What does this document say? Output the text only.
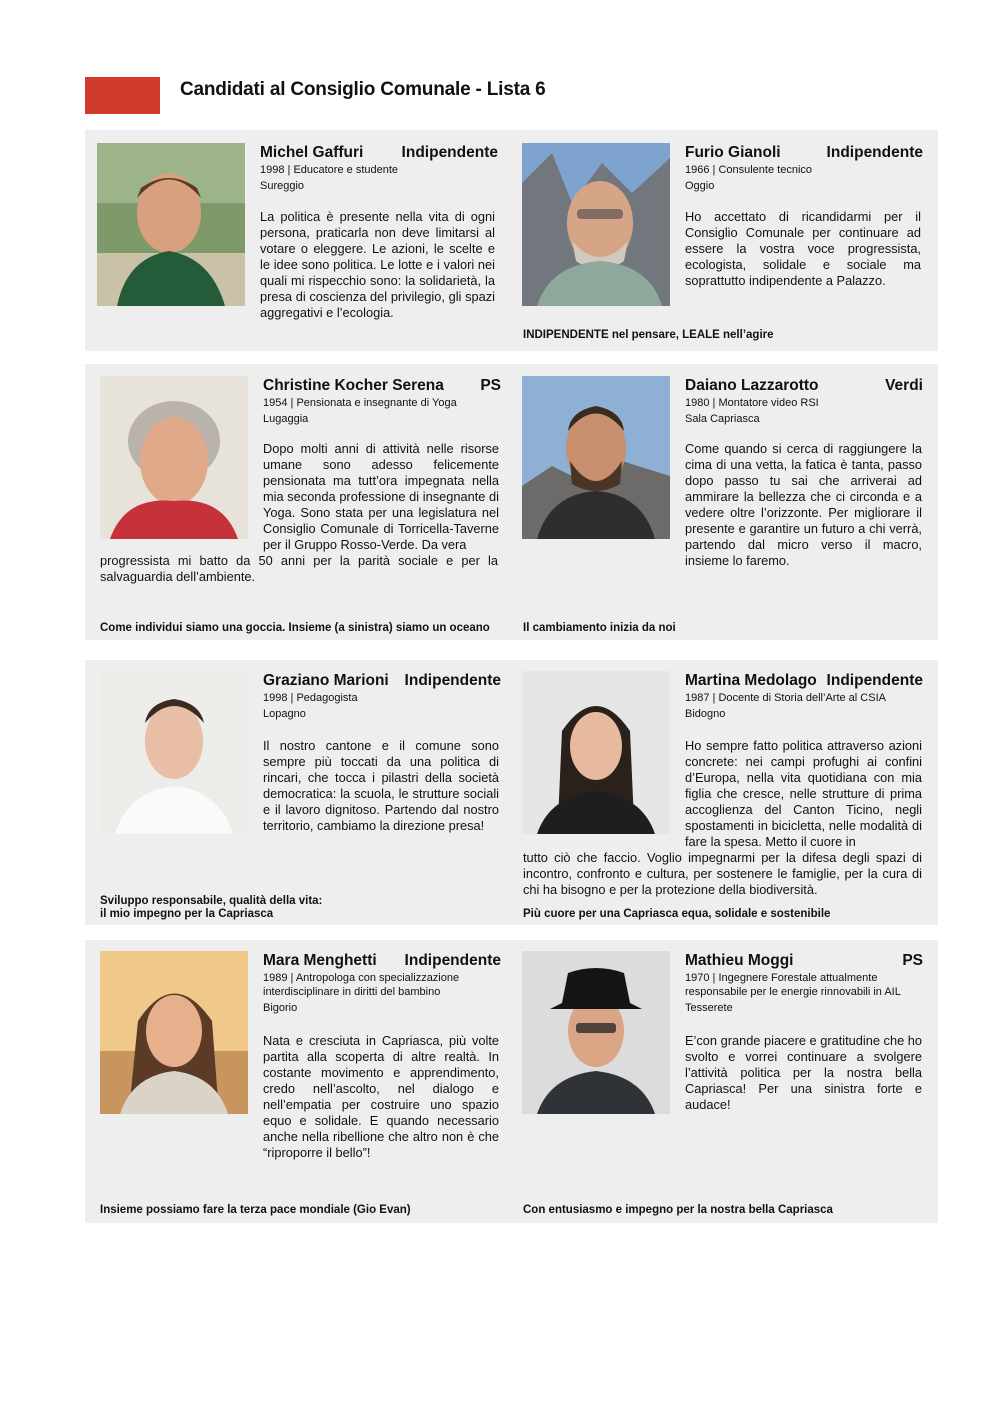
Candidati al Consiglio Comunale - Lista 6
Michel Gaffuri Indipendente
1998 | Educatore e studente
Sureggio
La politica è presente nella vita di ogni persona, praticarla non deve limitarsi al votare o eleggere. Le azioni, le scelte e le idee sono politica. Le lotte e i valori nei quali mi rispecchio sono: la solidarietà, la presa di coscienza del privilegio, gli spazi aggregativi e l’ecologia.
Furio Gianoli	Indipendente
1966 | Consulente tecnico
Oggio
Ho accettato di ricandidarmi per il Consiglio Comunale per continuare ad essere la vostra voce progressista, ecologista, solidale e sociale ma soprattutto indipendente a Palazzo.
INDIPENDENTE nel pensare, LEALE nell’agire
Christine Kocher Serena PS
1954 | Pensionata e insegnante di Yoga
Lugaggia
Dopo molti anni di attività nelle risorse umane sono adesso felicemente pensionata ma tutt’ora impegnata nella mia seconda professione di insegnante di Yoga. Sono stata per una legislatura nel Consiglio Comunale di Torricella-Taverne per il Gruppo Rosso-Verde. Da vera
progressista mi batto da 50 anni per la parità sociale e per la salvaguardia dell’ambiente.
Come individui siamo una goccia. Insieme (a sinistra) siamo un oceano
Daiano Lazzarotto	Verdi
1980 | Montatore video RSI
Sala Capriasca
Come quando si cerca di raggiungere la cima di una vetta, la fatica è tanta, passo dopo passo tu sai che arriverai ad ammirare la bellezza che ci circonda e a vedere oltre l’orizzonte. Per migliorare il presente e garantire un futuro a chi verrà, partendo dal micro verso il macro, insieme lo faremo.
Il cambiamento inizia da noi
Graziano Marioni Indipendente
1998 | Pedagogista
Lopagno
Il nostro cantone e il comune sono sempre più toccati da una politica di rincari, che tocca i pilastri della società democratica: la scuola, le strutture sociali e il lavoro dignitoso. Partendo dal nostro territorio, cambiamo la direzione presa!
Sviluppo responsabile, qualità della vita:
il mio impegno per la Capriasca
Martina Medolago Indipendente
1987 | Docente di Storia dell’Arte al CSIA
Bidogno
Ho sempre fatto politica attraverso azioni concrete: nei campi profughi ai confini d’Europa, nella vita quotidiana con mia figlia che cresce, nelle strutture di prima accoglienza del Canton Ticino, negli spostamenti in bicicletta, nelle modalità di fare la spesa. Metto il cuore in
tutto ciò che faccio. Voglio impegnarmi per la difesa degli spazi di incontro, confronto e cultura, per sostenere le famiglie, per la cura di chi ha bisogno e per la protezione della biodiversità.
Più cuore per una Capriasca equa, solidale e sostenibile
Mara Menghetti Indipendente
1989 | Antropologa con specializzazione interdisciplinare in diritti del bambino
Bigorio
Nata e cresciuta in Capriasca, più volte partita alla scoperta di altre realtà. In costante movimento e apprendimento, credo nell’ascolto, nel dialogo e nell’empatia per costruire uno spazio equo e solidale. E quando necessario anche nella ribellione che altro non è che “riproporre il bello”!
Insieme possiamo fare la terza pace mondiale (Gio Evan)
Mathieu Moggi	PS
1970 | Ingegnere Forestale attualmente responsabile per le energie rinnovabili in AIL
Tesserete
E’con grande piacere e gratitudine che ho svolto e vorrei continuare a svolgere l’attività politica per la nostra bella Capriasca! Per una sinistra forte e audace!
Con entusiasmo e impegno per la nostra bella Capriasca
